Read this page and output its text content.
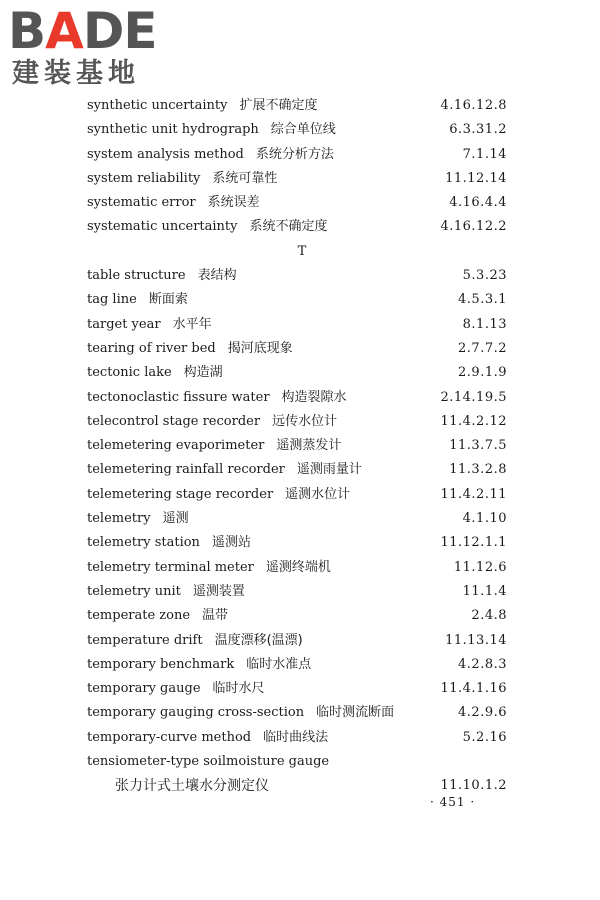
BADE
建装基地
synthetic uncertainty 扩展不确定度	4.16.12.8
synthetic unit hydrograph 综合单位线	6.3.31.2
system analysis method 系统分析方法	7.1.14
system reliability 系统可靠性	11.12.14
systematic error 系统误差	4.16.4.4
systematic uncertainty 系统不确定度	4.16.12.2
T
table structure 表结构	5.3.23
tag line 断面索	4.5.3.1
target year 水平年	8.1.13
tearing of river bed 揭河底现象	2.7.7.2
tectonic lake 构造湖	2.9.1.9
tectonoclastic fissure water 构造裂隙水	2.14.19.5
telecontrol stage recorder 远传水位计	11.4.2.12
telemetering evaporimeter 遥测蒸发计	11.3.7.5
telemetering rainfall recorder 遥测雨量计	11.3.2.8
telemetering stage recorder 遥测水位计	11.4.2.11
telemetry 遥测	4.1.10
telemetry station 遥测站	11.12.1.1
telemetry terminal meter 遥测终端机	11.12.6
telemetry unit 遥测装置	11.1.4
temperate zone 温带	2.4.8
temperature drift 温度漂移(温漂)	11.13.14
temporary benchmark 临时水准点	4.2.8.3
temporary gauge 临时水尺	11.4.1.16
temporary gauging cross-section 临时测流断面	4.2.9.6
temporary-curve method 临时曲线法	5.2.16
tensiometer-type soilmoisture gauge
张力计式土壤水分测定仪	11.10.1.2
· 451 ·
